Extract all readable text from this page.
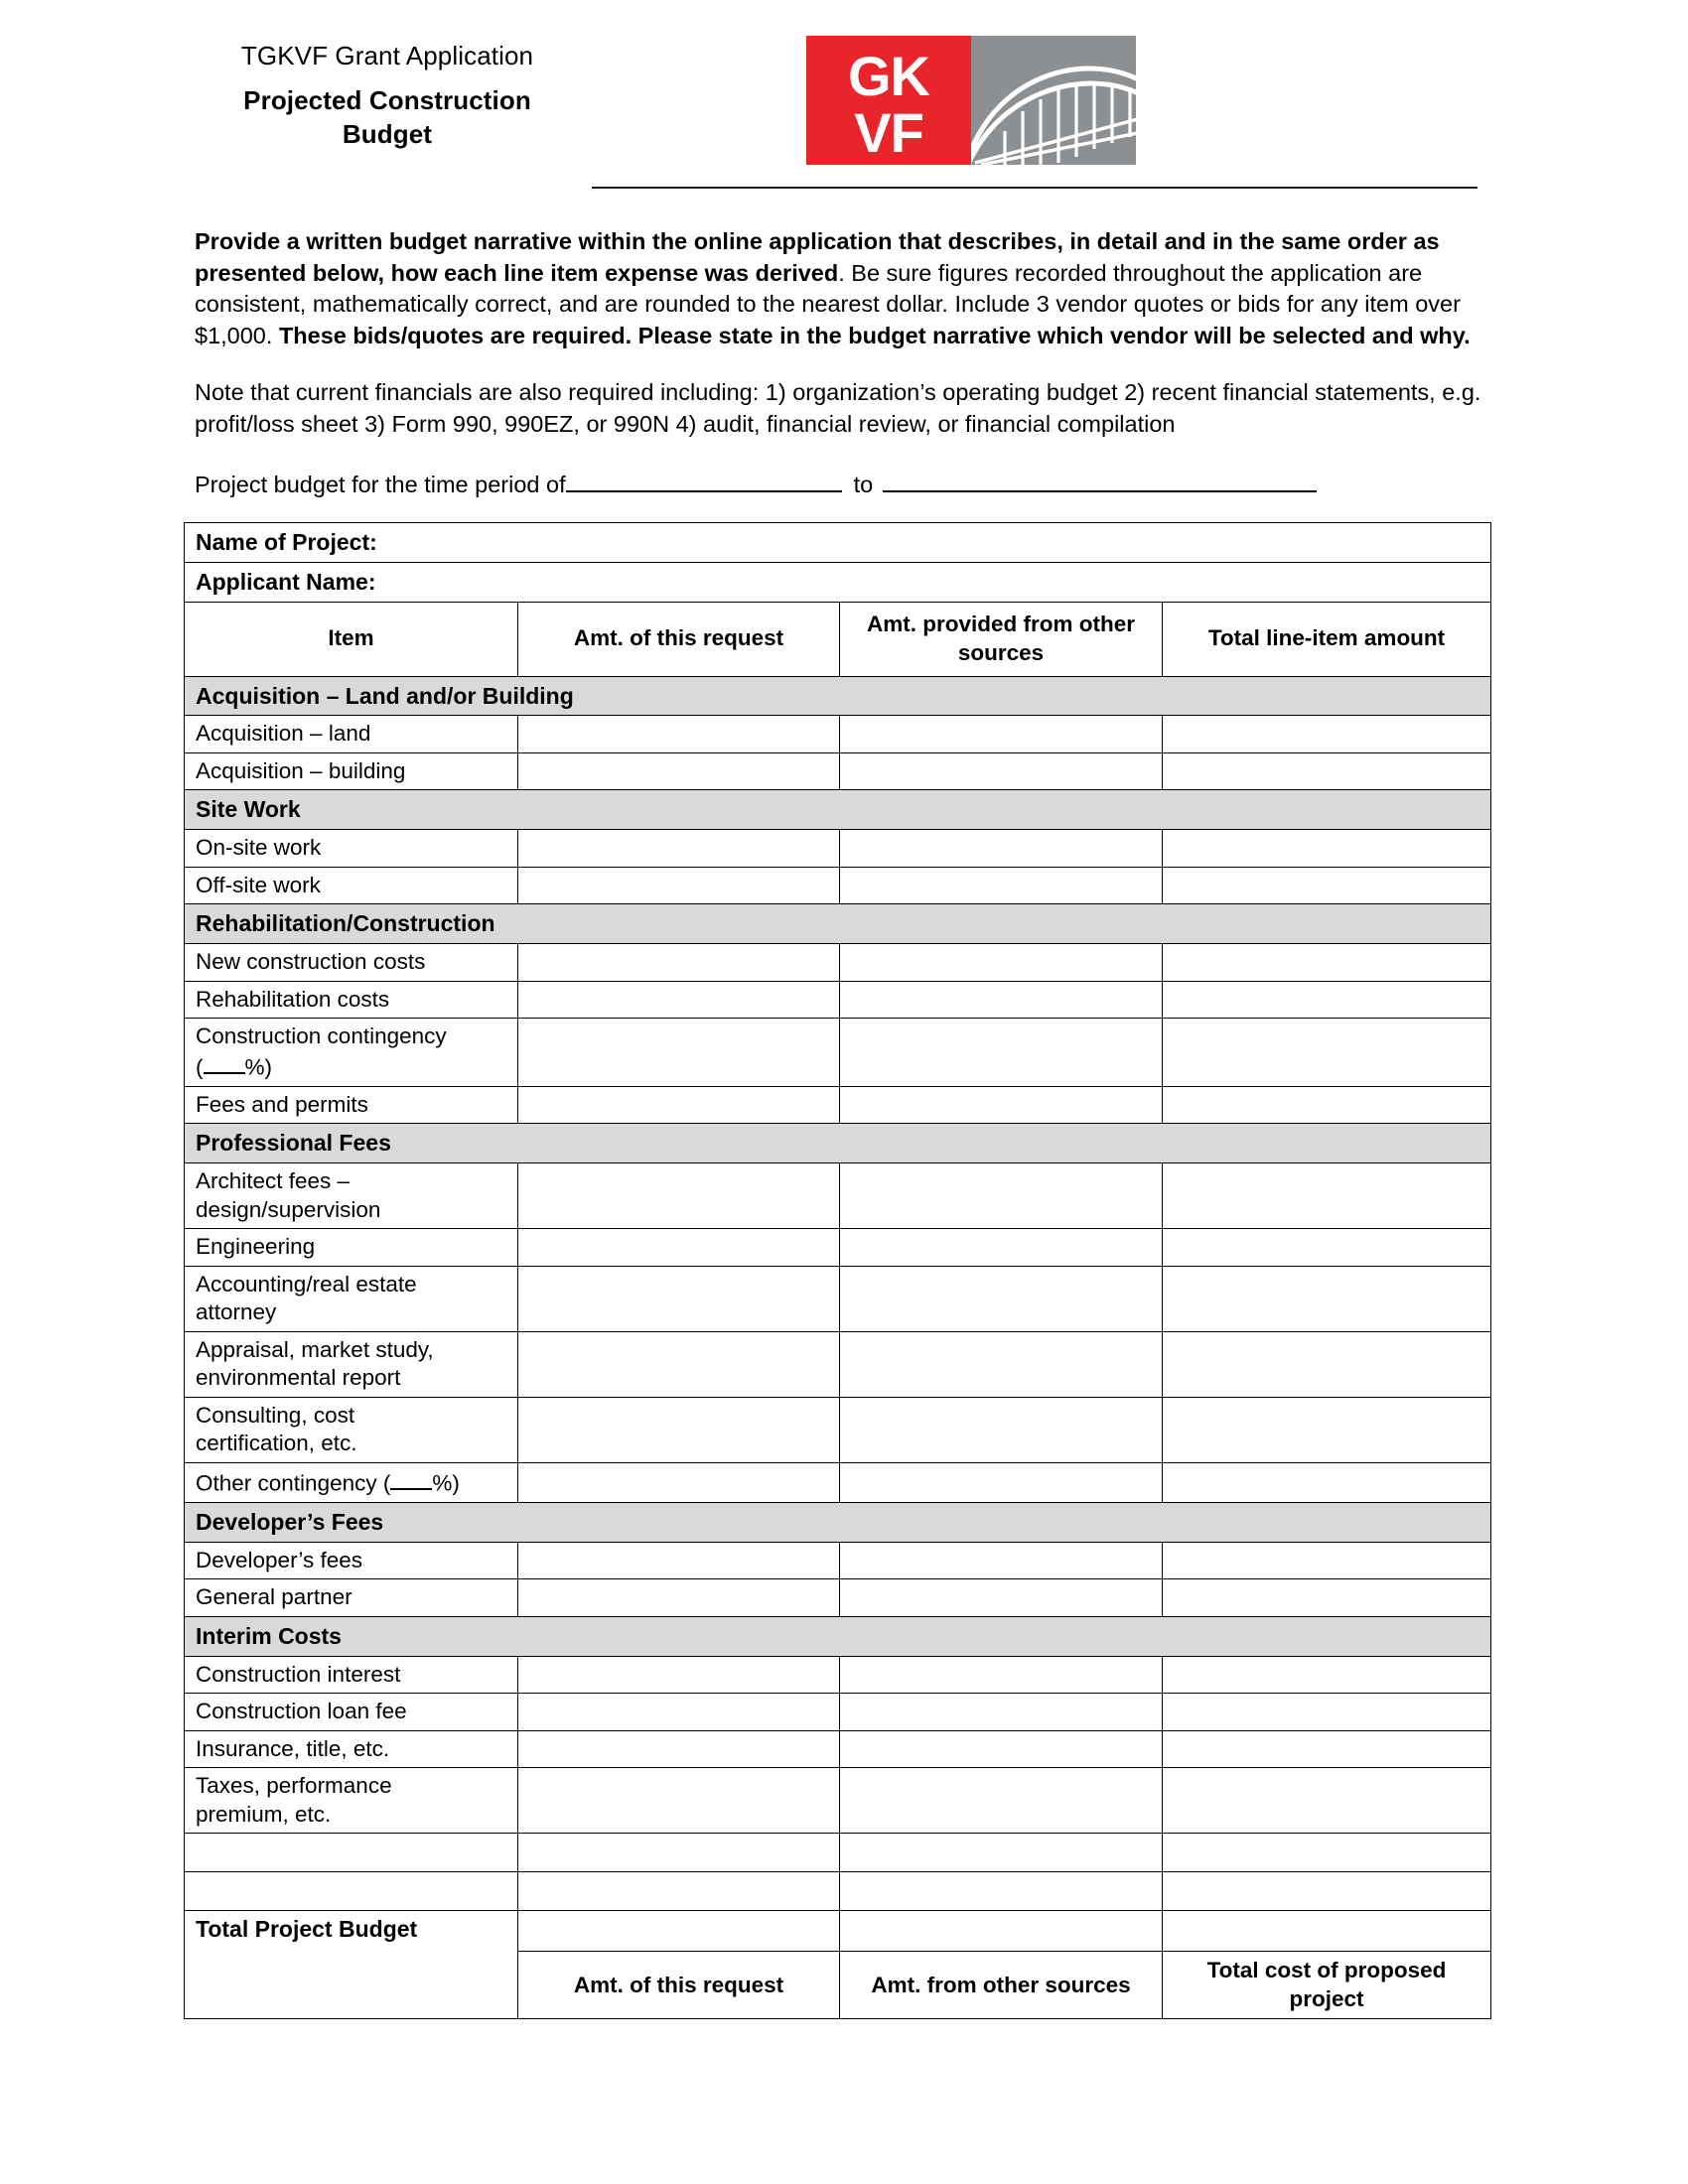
TGKVF Grant Application
Projected Construction Budget
GK
VF

Provide a written budget narrative within the online application that describes, in detail and in the same order as presented below, how each line item expense was derived. Be sure figures recorded throughout the application are consistent, mathematically correct, and are rounded to the nearest dollar. Include 3 vendor quotes or bids for any item over $1,000. These bids/quotes are required. Please state in the budget narrative which vendor will be selected and why.

Note that current financials are also required including: 1) organization’s operating budget 2) recent financial statements, e.g. profit/loss sheet 3) Form 990, 990EZ, or 990N 4) audit, financial review, or financial compilation

Project budget for the time period of	to

Name of Project:			

Applicant Name:			

Item	Amt. of this request	Amt. provided from other sources	Total line-item amount

Acquisition – Land and/or Building			

Acquisition – land			

Acquisition – building			

Site Work			

On-site work			

Off-site work			

Rehabilitation/Construction			

New construction costs			

Rehabilitation costs			

Construction contingency
( %)			

Fees and permits			

Professional Fees			

Architect fees –
design/supervision			

Engineering			

Accounting/real estate
attorney			

Appraisal, market study,
environmental report			

Consulting, cost
certification, etc.			

Other contingency ( %)			

Developer’s Fees			

Developer’s fees			

General partner			

Interim Costs			

Construction interest			

Construction loan fee			

Insurance, title, etc.			

Taxes, performance
premium, etc.			

Total Project Budget			

	Amt. of this request	Amt. from other sources	Total cost of proposed project
